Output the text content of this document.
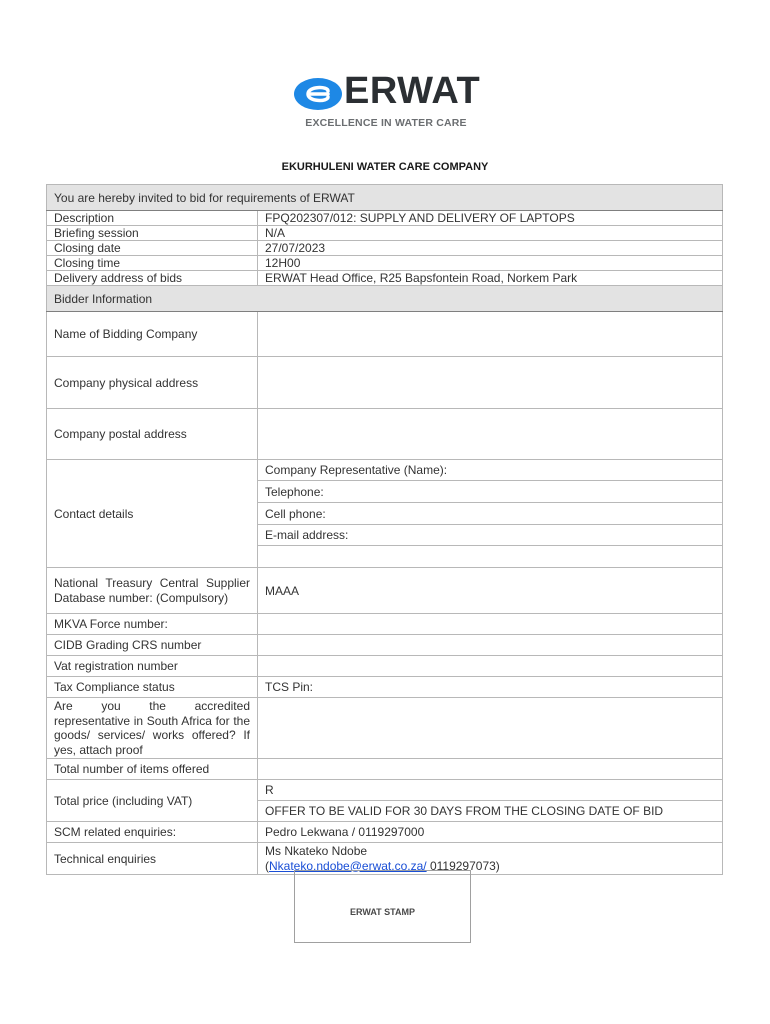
ERWAT
EXCELLENCE IN WATER CARE
EKURHULENI WATER CARE COMPANY
You are hereby invited to bid for requirements of ERWAT	
Description	FPQ202307/012: SUPPLY AND DELIVERY OF LAPTOPS
Briefing session	N/A
Closing date	27/07/2023
Closing time	12H00
Delivery address of bids	ERWAT Head Office, R25 Bapsfontein Road, Norkem Park
Bidder Information	
Name of Bidding Company	
Company physical address	
Company postal address	
Contact details	Company Representative (Name):
	Telephone:
	Cell phone:
	E-mail address:

National Treasury Central Supplier Database number: (Compulsory)	MAAA
MKVA Force number:	
CIDB Grading CRS number	
Vat registration number	
Tax Compliance status	TCS Pin:
Are you the accredited representative in South Africa for the goods/ services/ works offered? If yes, attach proof	
Total number of items offered	
Total price (including VAT)	R
	OFFER TO BE VALID FOR 30 DAYS FROM THE CLOSING DATE OF BID
SCM related enquiries:	Pedro Lekwana / 0119297000
Technical enquiries	Ms Nkateko Ndobe
(Nkateko.ndobe@erwat.co.za/ 0119297073)
ERWAT STAMP
